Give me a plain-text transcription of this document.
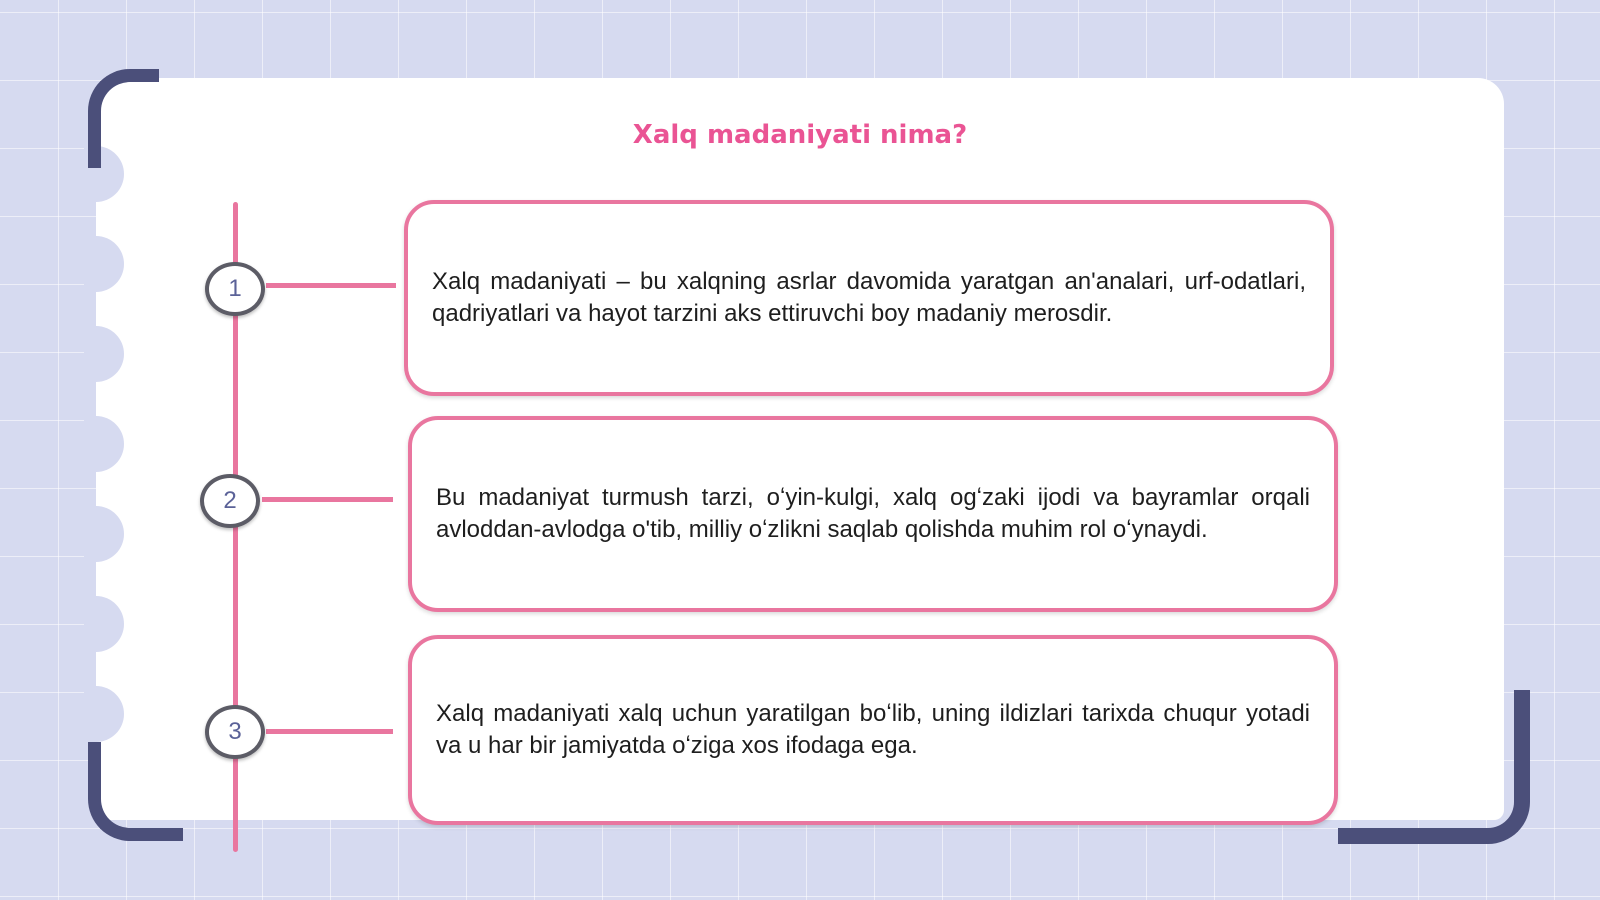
Xalq madaniyati nima?
1	Xalq madaniyati – bu xalqning asrlar davomida yaratgan an'analari, urf-odatlari, qadriyatlari va hayot tarzini aks ettiruvchi boy madaniy merosdir.

2	Bu madaniyat turmush tarzi, oʻyin-kulgi, xalq ogʻzaki ijodi va bayramlar orqali avloddan-avlodga o'tib, milliy oʻzlikni saqlab qolishda muhim rol oʻynaydi.

3

Xalq madaniyati xalq uchun yaratilgan boʻlib, uning ildizlari tarixda chuqur yotadi va u har bir jamiyatda oʻziga xos ifodaga ega.
